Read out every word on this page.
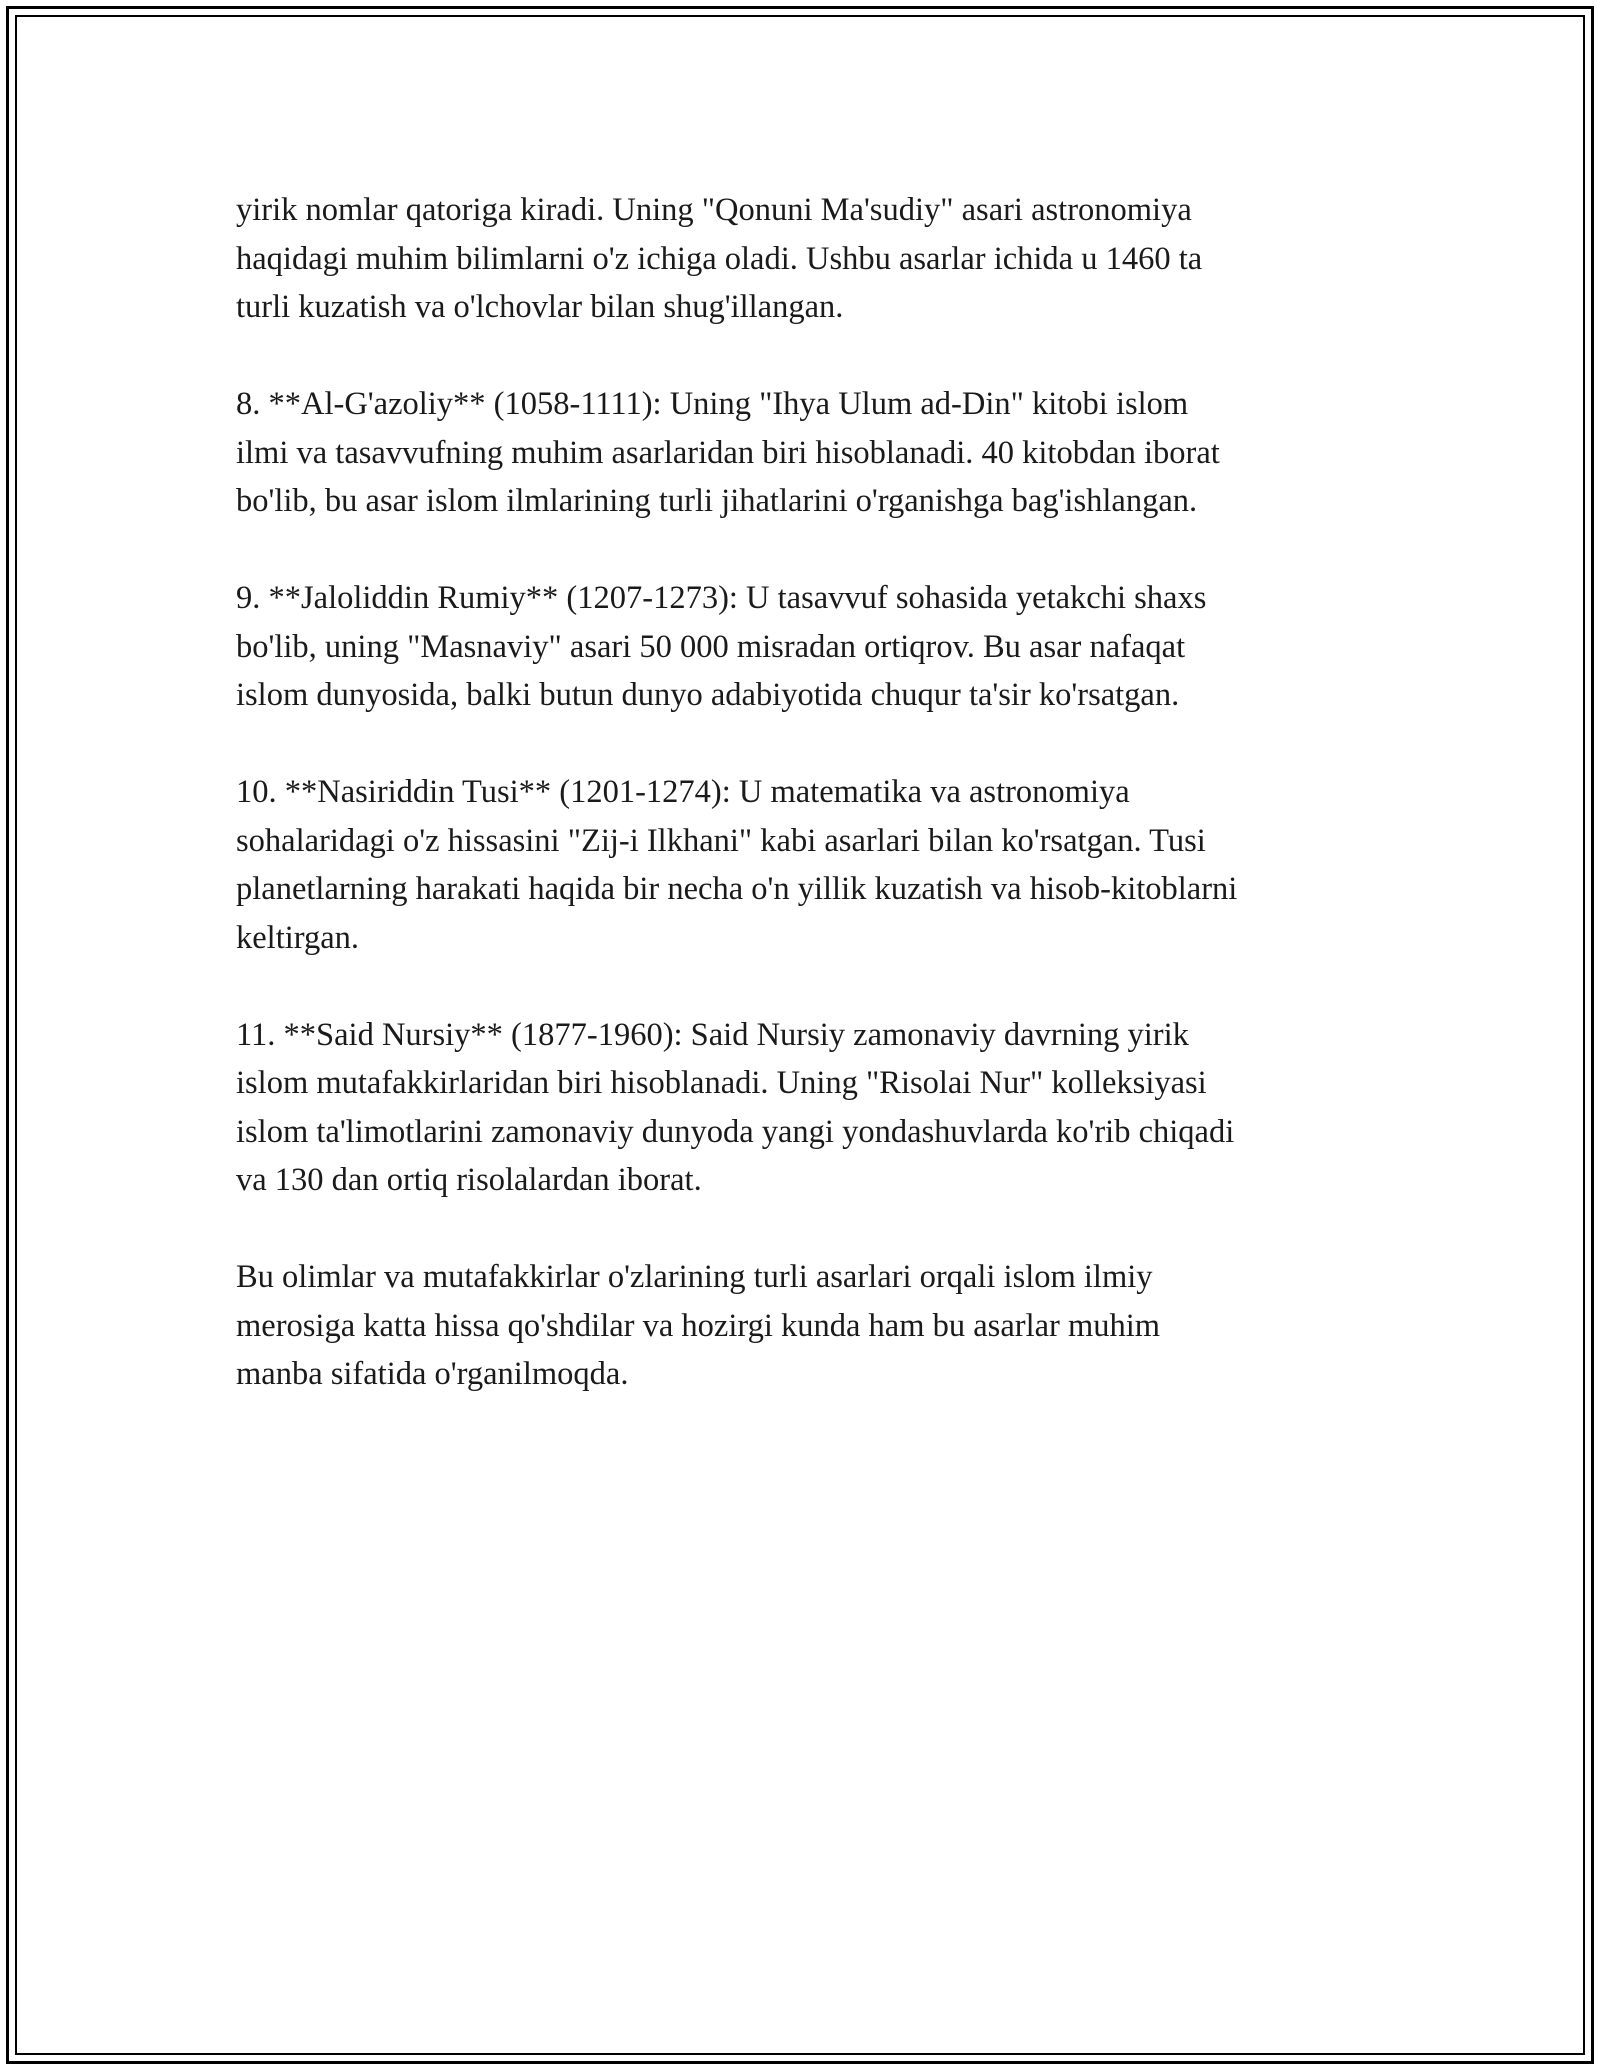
yirik nomlar qatoriga kiradi. Uning "Qonuni Ma'sudiy" asari astronomiya
haqidagi muhim bilimlarni o'z ichiga oladi. Ushbu asarlar ichida u 1460 ta
turli kuzatish va o'lchovlar bilan shug'illangan.

8. **Al-G'azoliy** (1058-1111): Uning "Ihya Ulum ad-Din" kitobi islom
ilmi va tasavvufning muhim asarlaridan biri hisoblanadi. 40 kitobdan iborat
bo'lib, bu asar islom ilmlarining turli jihatlarini o'rganishga bag'ishlangan.

9. **Jaloliddin Rumiy** (1207-1273): U tasavvuf sohasida yetakchi shaxs
bo'lib, uning "Masnaviy" asari 50 000 misradan ortiqrov. Bu asar nafaqat
islom dunyosida, balki butun dunyo adabiyotida chuqur ta'sir ko'rsatgan.

10. **Nasiriddin Tusi** (1201-1274): U matematika va astronomiya
sohalaridagi o'z hissasini "Zij-i Ilkhani" kabi asarlari bilan ko'rsatgan. Tusi
planetlarning harakati haqida bir necha o'n yillik kuzatish va hisob-kitoblarni
keltirgan.

11. **Said Nursiy** (1877-1960): Said Nursiy zamonaviy davrning yirik
islom mutafakkirlaridan biri hisoblanadi. Uning "Risolai Nur" kolleksiyasi
islom ta'limotlarini zamonaviy dunyoda yangi yondashuvlarda ko'rib chiqadi
va 130 dan ortiq risolalardan iborat.

Bu olimlar va mutafakkirlar o'zlarining turli asarlari orqali islom ilmiy
merosiga katta hissa qo'shdilar va hozirgi kunda ham bu asarlar muhim
manba sifatida o'rganilmoqda.
